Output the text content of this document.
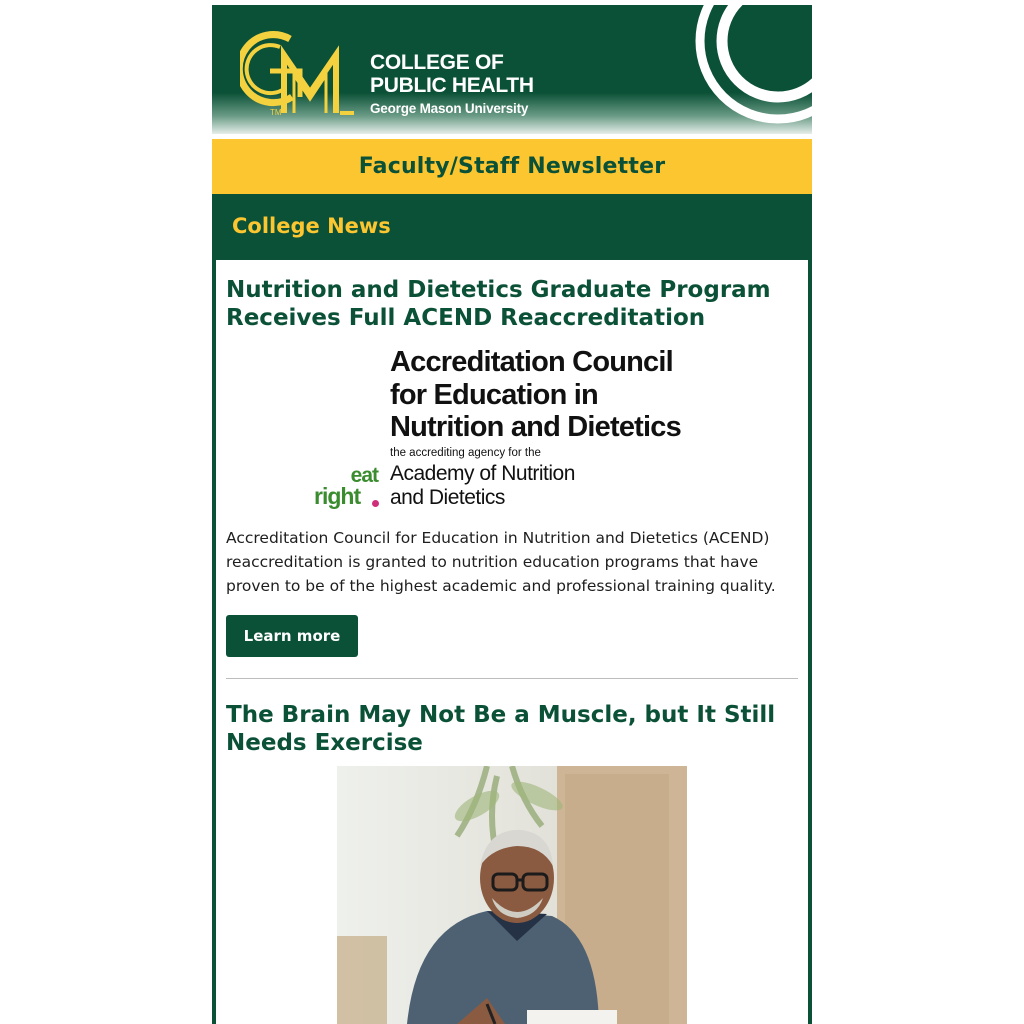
TM
COLLEGE OF
PUBLIC HEALTH
George Mason University
Faculty/Staff Newsletter
College News
Nutrition and Dietetics Graduate Program Receives Full ACEND Reaccreditation
Accreditation Council
for Education in
Nutrition and Dietetics
the accrediting agency for the
Academy of Nutrition
and Dietetics
eat
right

Accreditation Council for Education in Nutrition and Dietetics (ACEND) reaccreditation is granted to nutrition education programs that have proven to be of the highest academic and professional training quality.

Learn more
The Brain May Not Be a Muscle, but It Still Needs Exercise
